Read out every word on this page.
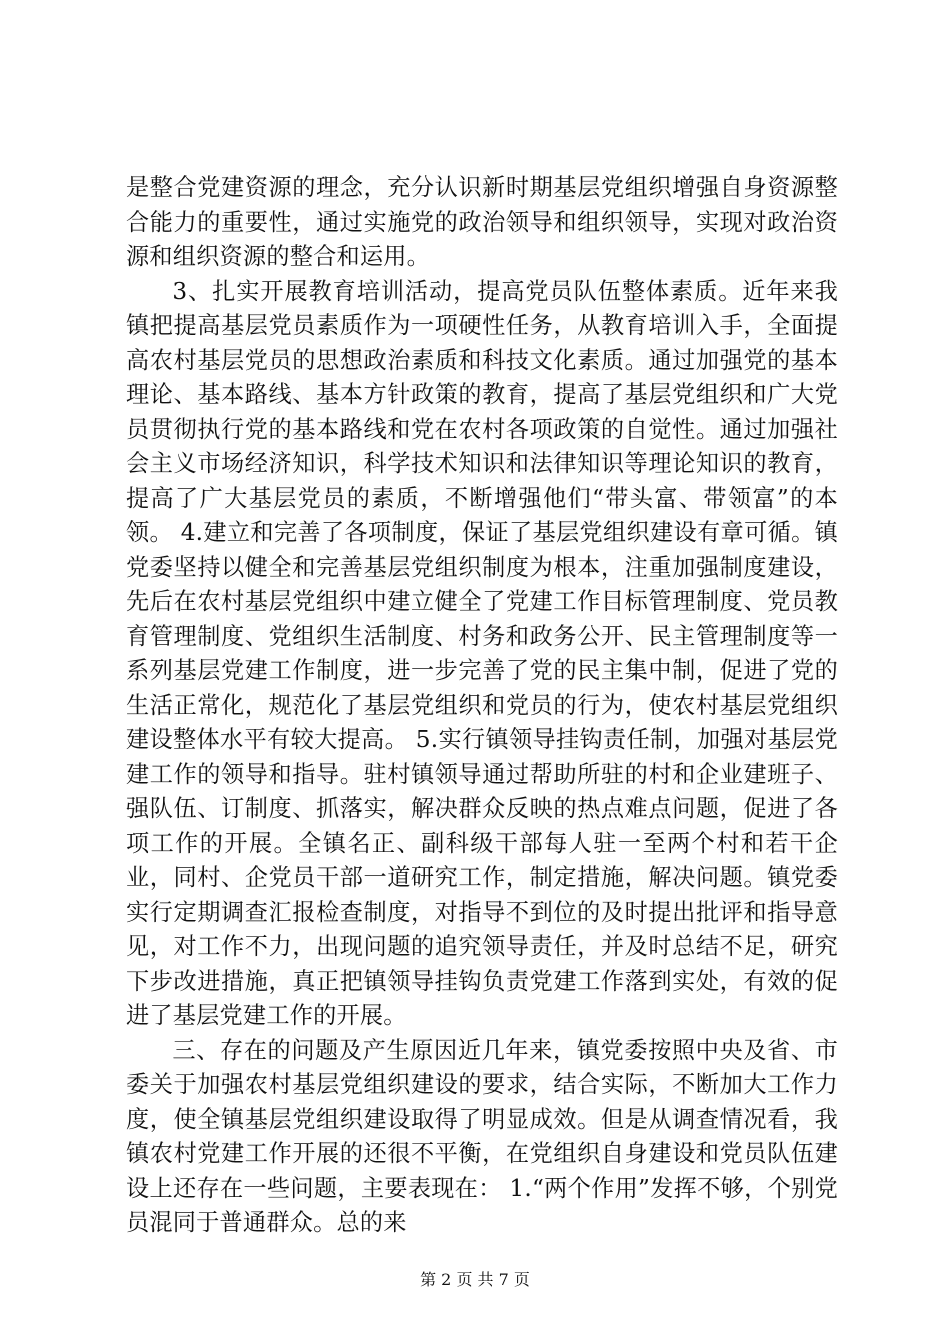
是整合党建资源的理念，充分认识新时期基层党组织增强自身资源整合能力的重要性，通过实施党的政治领导和组织领导，实现对政治资源和组织资源的整合和运用。

3、扎实开展教育培训活动，提高党员队伍整体素质。近年来我镇把提高基层党员素质作为一项硬性任务，从教育培训入手，全面提高农村基层党员的思想政治素质和科技文化素质。通过加强党的基本理论、基本路线、基本方针政策的教育，提高了基层党组织和广大党员贯彻执行党的基本路线和党在农村各项政策的自觉性。通过加强社会主义市场经济知识，科学技术知识和法律知识等理论知识的教育，提高了广大基层党员的素质，不断增强他们“带头富、带领富”的本领。 4.建立和完善了各项制度，保证了基层党组织建设有章可循。镇党委坚持以健全和完善基层党组织制度为根本，注重加强制度建设，先后在农村基层党组织中建立健全了党建工作目标管理制度、党员教育管理制度、党组织生活制度、村务和政务公开、民主管理制度等一系列基层党建工作制度，进一步完善了党的民主集中制，促进了党的生活正常化，规范化了基层党组织和党员的行为，使农村基层党组织建设整体水平有较大提高。 5.实行镇领导挂钩责任制，加强对基层党建工作的领导和指导。驻村镇领导通过帮助所驻的村和企业建班子、强队伍、订制度、抓落实，解决群众反映的热点难点问题，促进了各项工作的开展。全镇名正、副科级干部每人驻一至两个村和若干企业，同村、企党员干部一道研究工作，制定措施，解决问题。镇党委实行定期调查汇报检查制度，对指导不到位的及时提出批评和指导意见，对工作不力，出现问题的追究领导责任，并及时总结不足，研究下步改进措施，真正把镇领导挂钩负责党建工作落到实处，有效的促进了基层党建工作的开展。

三、存在的问题及产生原因近几年来，镇党委按照中央及省、市委关于加强农村基层党组织建设的要求，结合实际，不断加大工作力度，使全镇基层党组织建设取得了明显成效。但是从调查情况看，我镇农村党建工作开展的还很不平衡，在党组织自身建设和党员队伍建设上还存在一些问题，主要表现在： 1.“两个作用”发挥不够，个别党员混同于普通群众。总的来

第 2 页 共 7 页
